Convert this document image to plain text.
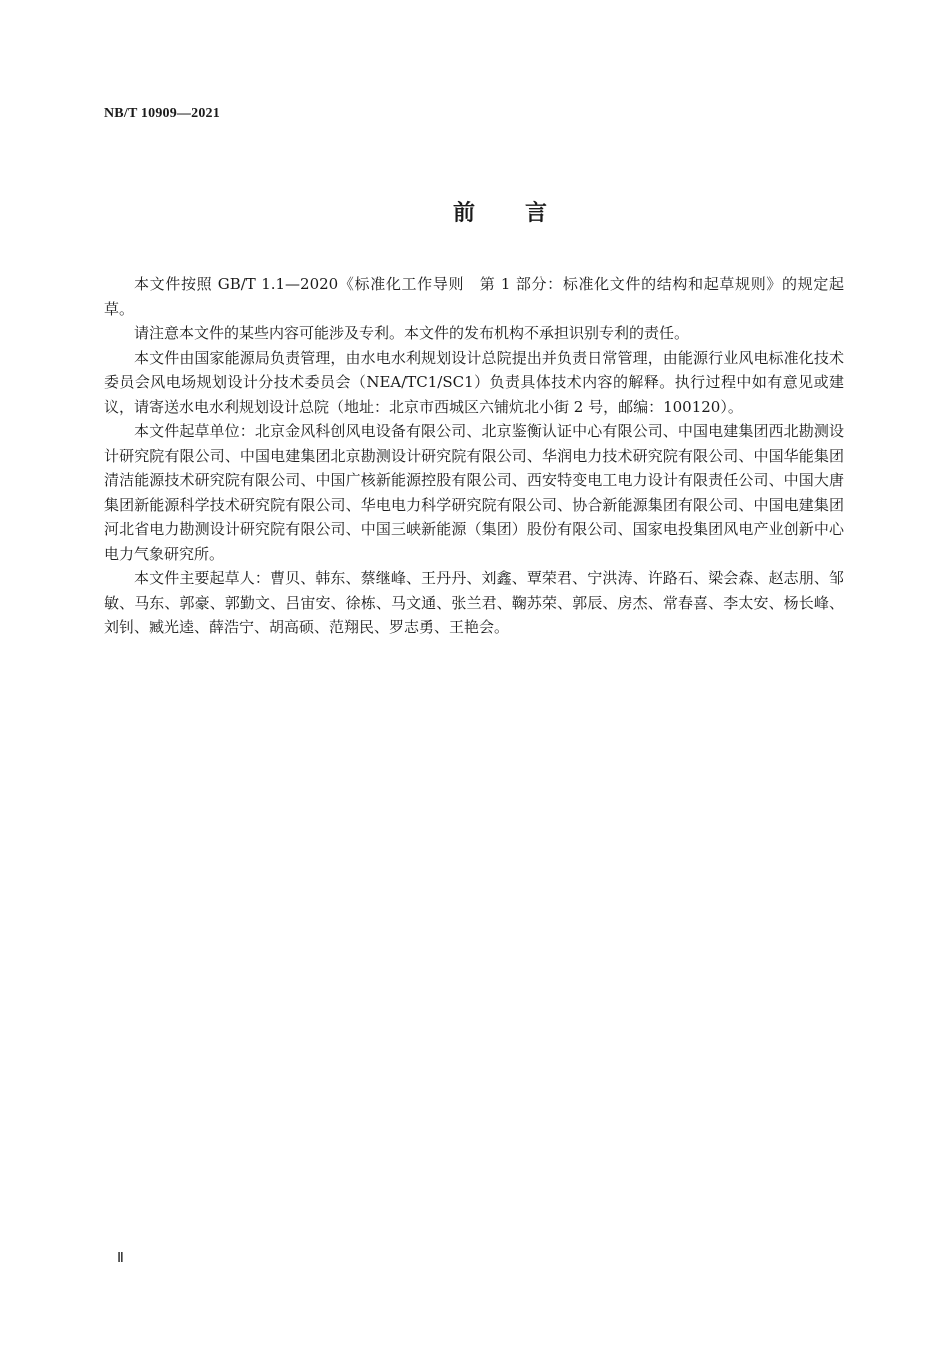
NB/T 10909—2021
前言

本文件按照 GB/T 1.1—2020《标准化工作导则　第 1 部分：标准化文件的结构和起草规则》的规定起草。

请注意本文件的某些内容可能涉及专利。本文件的发布机构不承担识别专利的责任。

本文件由国家能源局负责管理，由水电水利规划设计总院提出并负责日常管理，由能源行业风电标准化技术委员会风电场规划设计分技术委员会（NEA/TC1/SC1）负责具体技术内容的解释。执行过程中如有意见或建议，请寄送水电水利规划设计总院（地址：北京市西城区六铺炕北小街 2 号，邮编：100120）。

本文件起草单位：北京金风科创风电设备有限公司、北京鉴衡认证中心有限公司、中国电建集团西北勘测设计研究院有限公司、中国电建集团北京勘测设计研究院有限公司、华润电力技术研究院有限公司、中国华能集团清洁能源技术研究院有限公司、中国广核新能源控股有限公司、西安特变电工电力设计有限责任公司、中国大唐集团新能源科学技术研究院有限公司、华电电力科学研究院有限公司、协合新能源集团有限公司、中国电建集团河北省电力勘测设计研究院有限公司、中国三峡新能源（集团）股份有限公司、国家电投集团风电产业创新中心电力气象研究所。

本文件主要起草人：曹贝、韩东、蔡继峰、王丹丹、刘鑫、覃荣君、宁洪涛、许路石、梁会森、赵志朋、邹敏、马东、郭豪、郭勤文、吕宙安、徐栋、马文通、张兰君、鞠苏荣、郭辰、房杰、常春喜、李太安、杨长峰、刘钊、臧光逵、薛浩宁、胡高硕、范翔民、罗志勇、王艳会。

Ⅱ
